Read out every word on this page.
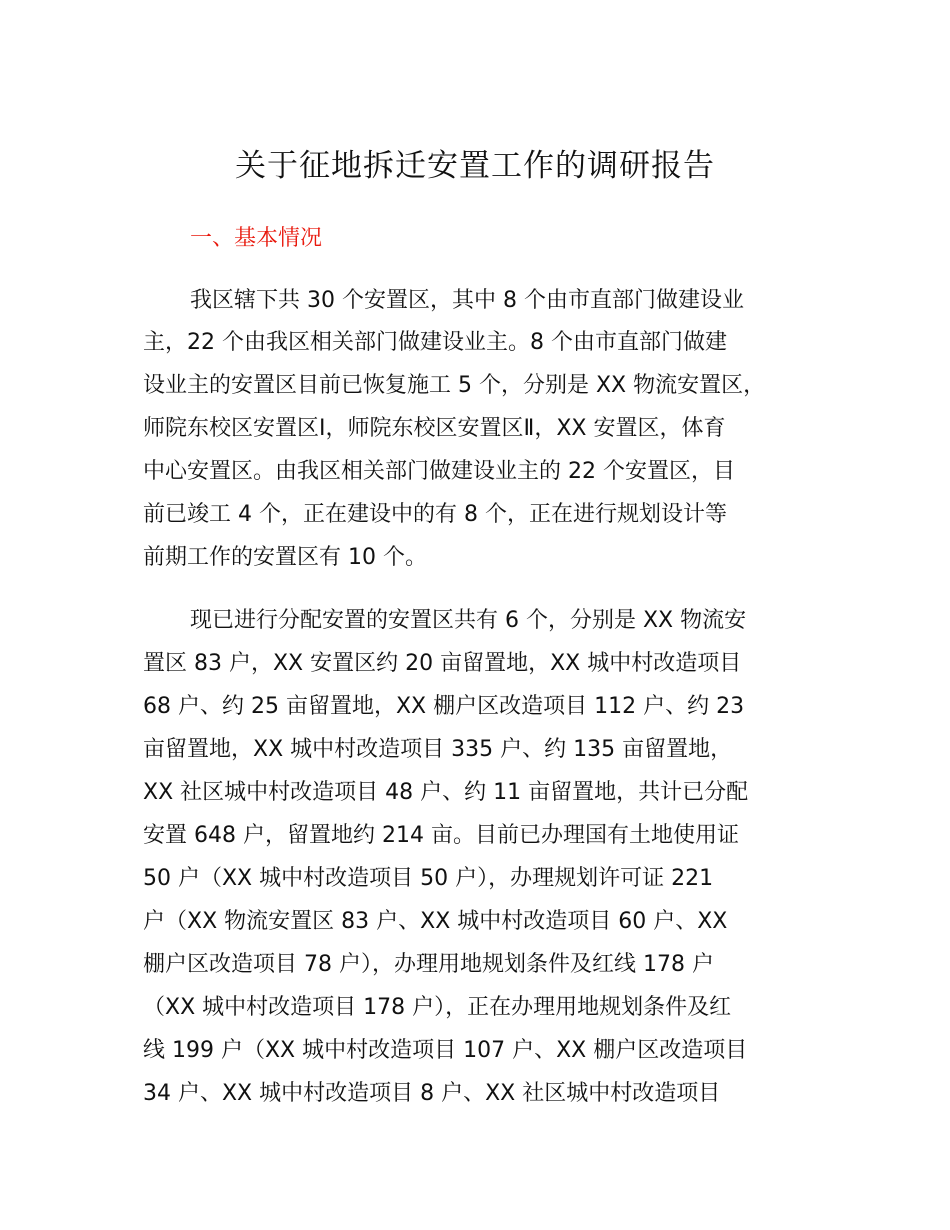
关于征地拆迁安置工作的调研报告
一、基本情况

我区辖下共 30 个安置区，其中 8 个由市直部门做建设业

主，22 个由我区相关部门做建设业主。8 个由市直部门做建

设业主的安置区目前已恢复施工 5 个，分别是 XX 物流安置区，

师院东校区安置区Ⅰ，师院东校区安置区Ⅱ，XX 安置区，体育

中心安置区。由我区相关部门做建设业主的 22 个安置区，目

前已竣工 4 个，正在建设中的有 8 个，正在进行规划设计等

前期工作的安置区有 10 个。

现已进行分配安置的安置区共有 6 个，分别是 XX 物流安

置区 83 户，XX 安置区约 20 亩留置地，XX 城中村改造项目

68 户、约 25 亩留置地，XX 棚户区改造项目 112 户、约 23

亩留置地，XX 城中村改造项目 335 户、约 135 亩留置地，

XX 社区城中村改造项目 48 户、约 11 亩留置地，共计已分配

安置 648 户，留置地约 214 亩。目前已办理国有土地使用证

50 户（XX 城中村改造项目 50 户），办理规划许可证 221

户（XX 物流安置区 83 户、XX 城中村改造项目 60 户、XX

棚户区改造项目 78 户），办理用地规划条件及红线 178 户

（XX 城中村改造项目 178 户），正在办理用地规划条件及红

线 199 户（XX 城中村改造项目 107 户、XX 棚户区改造项目

34 户、XX 城中村改造项目 8 户、XX 社区城中村改造项目
